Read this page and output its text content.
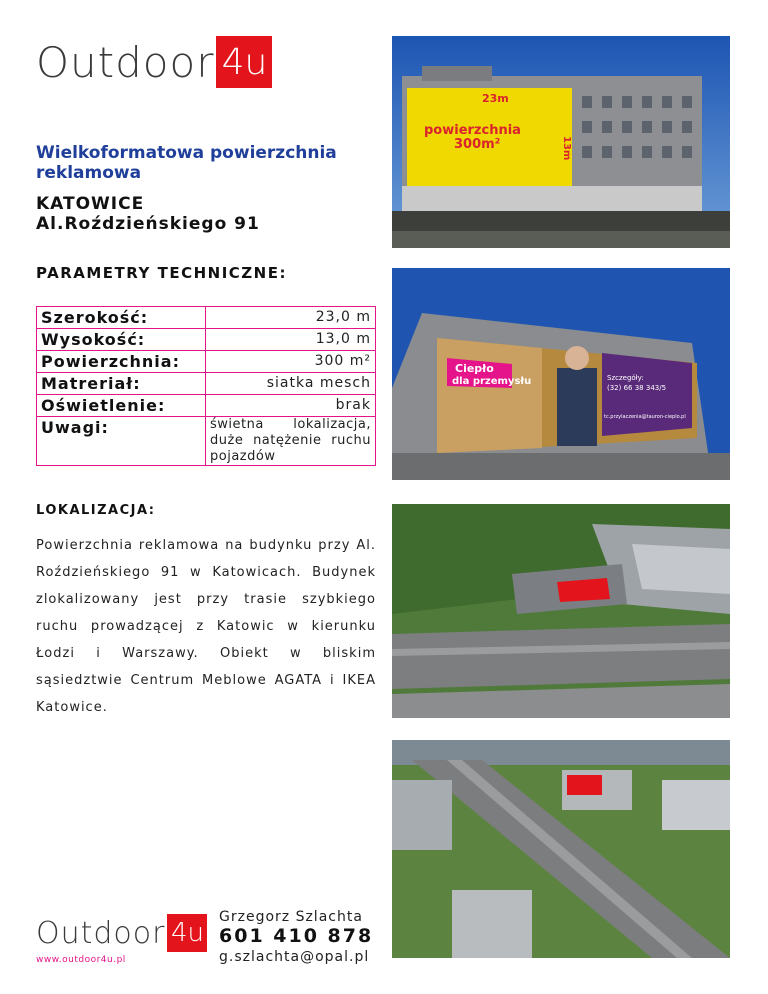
Outdoor 4u
Wielkoformatowa powierzchnia
reklamowa
KATOWICE
Al.Roździeńskiego 91
PARAMETRY TECHNICZNE:
Szerokość:	23,0 m
Wysokość:	13,0 m
Powierzchnia:	300 m²
Matreriał:	siatka mesch
Oświetlenie:	brak
Uwagi:	świetna lokalizacja, duże natężenie ruchu pojazdów
LOKALIZACJA:
Powierzchnia reklamowa na budynku przy Al. Roździeńskiego 91 w Katowicach. Budynek zlokalizowany jest przy trasie szybkiego ruchu prowadzącej z Katowic w kierunku Łodzi i Warszawy. Obiekt w bliskim sąsiedztwie Centrum Meblowe AGATA i IKEA Katowice.
23m
powierzchnia
300m²	13m
Ciepło
dla przemysłu	Szczegóły:
(32) 66 38 343/5
tc.przylaczenia@tauron-cieplo.pl
Outdoor 4u
www.outdoor4u.pl
Grzegorz Szlachta
601 410 878
g.szlachta@opal.pl
